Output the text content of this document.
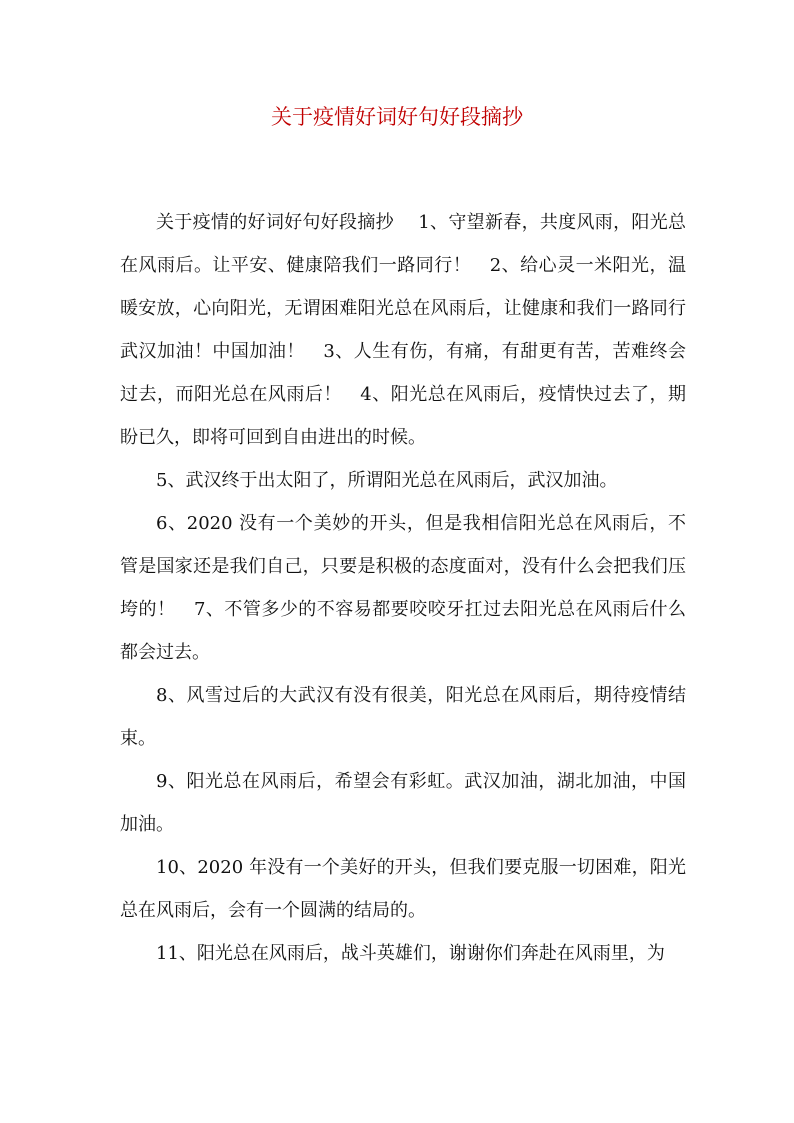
关于疫情好词好句好段摘抄

关于疫情的好词好句好段摘抄　 1、守望新春，共度风雨，阳光总在风雨后。让平安、健康陪我们一路同行！　2、给心灵一米阳光，温暖安放，心向阳光，无谓困难阳光总在风雨后，让健康和我们一路同行武汉加油！中国加油！　3、人生有伤，有痛，有甜更有苦，苦难终会过去，而阳光总在风雨后！　4、阳光总在风雨后，疫情快过去了，期盼已久，即将可回到自由进出的时候。

5、武汉终于出太阳了，所谓阳光总在风雨后，武汉加油。

6、2020 没有一个美妙的开头，但是我相信阳光总在风雨后，不管是国家还是我们自己，只要是积极的态度面对，没有什么会把我们压垮的！　7、不管多少的不容易都要咬咬牙扛过去阳光总在风雨后什么都会过去。

8、风雪过后的大武汉有没有很美，阳光总在风雨后，期待疫情结束。

9、阳光总在风雨后，希望会有彩虹。武汉加油，湖北加油，中国加油。

10、2020 年没有一个美好的开头，但我们要克服一切困难，阳光总在风雨后，会有一个圆满的结局的。

11、阳光总在风雨后，战斗英雄们，谢谢你们奔赴在风雨里，为
